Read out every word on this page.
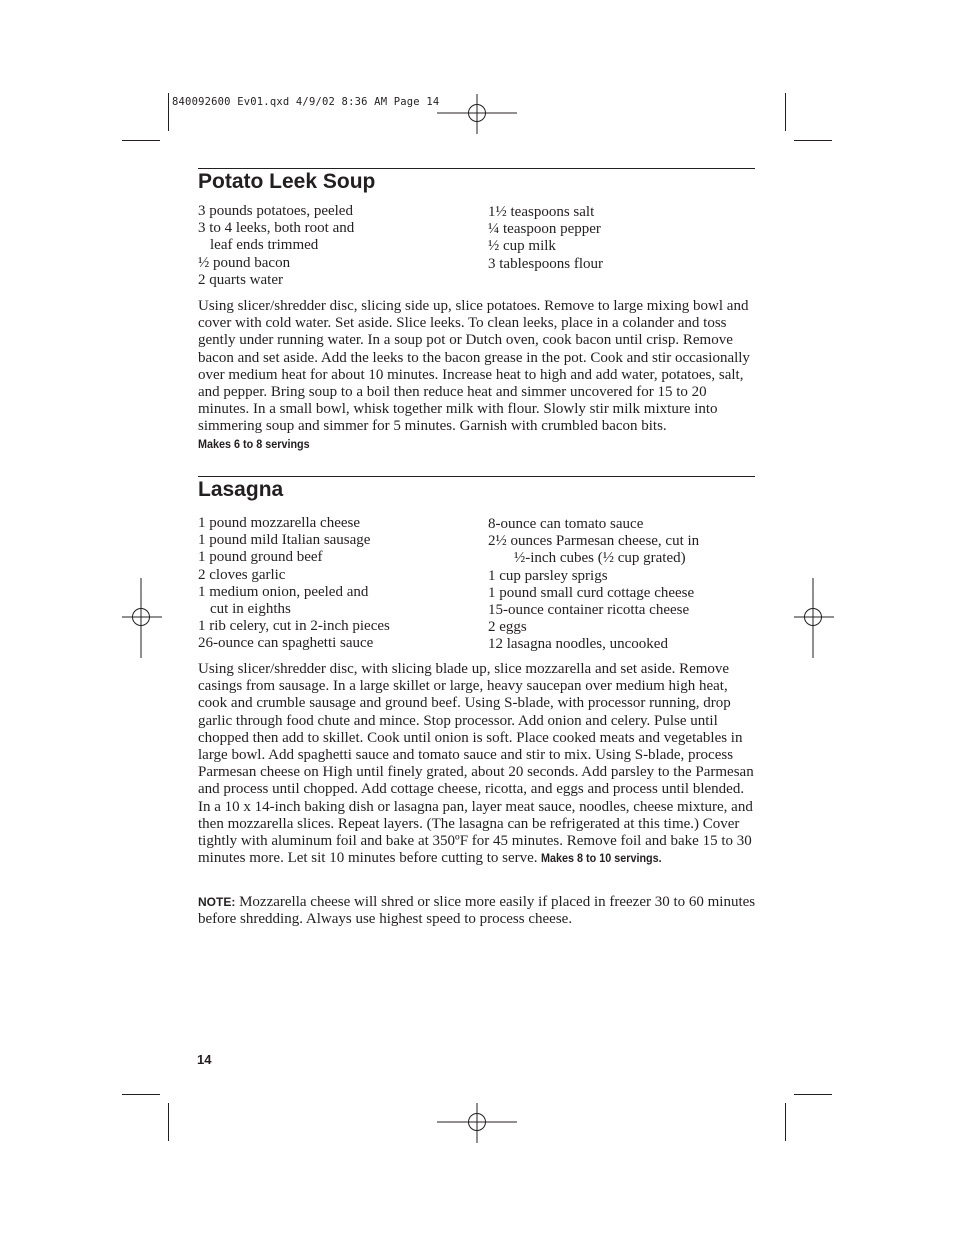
840092600 Ev01.qxd 4/9/02 8:36 AM Page 14
Potato Leek Soup
3 pounds potatoes, peeled
3 to 4 leeks, both root and
leaf ends trimmed
½ pound bacon
2 quarts water
1½ teaspoons salt
¼ teaspoon pepper
½ cup milk
3 tablespoons flour

Using slicer/shredder disc, slicing side up, slice potatoes. Remove to large mixing bowl and cover with cold water. Set aside. Slice leeks. To clean leeks, place in a colander and toss gently under running water. In a soup pot or Dutch oven, cook bacon until crisp. Remove bacon and set aside. Add the leeks to the bacon grease in the pot. Cook and stir occasionally over medium heat for about 10 minutes. Increase heat to high and add water, potatoes, salt, and pepper. Bring soup to a boil then reduce heat and simmer uncovered for 15 to 20 minutes. In a small bowl, whisk together milk with flour. Slowly stir milk mixture into simmering soup and simmer for 5 minutes. Garnish with crumbled bacon bits. Makes 6 to 8 servings

Lasagna
1 pound mozzarella cheese
1 pound mild Italian sausage
1 pound ground beef
2 cloves garlic
1 medium onion, peeled and
cut in eighths
1 rib celery, cut in 2-inch pieces
26-ounce can spaghetti sauce
8-ounce can tomato sauce
2½ ounces Parmesan cheese, cut in
½-inch cubes (½ cup grated)
1 cup parsley sprigs
1 pound small curd cottage cheese
15-ounce container ricotta cheese
2 eggs
12 lasagna noodles, uncooked

Using slicer/shredder disc, with slicing blade up, slice mozzarella and set aside. Remove casings from sausage. In a large skillet or large, heavy saucepan over medium high heat, cook and crumble sausage and ground beef. Using S-blade, with processor running, drop garlic through food chute and mince. Stop processor. Add onion and celery. Pulse until chopped then add to skillet. Cook until onion is soft. Place cooked meats and vegetables in large bowl. Add spaghetti sauce and tomato sauce and stir to mix. Using S-blade, process Parmesan cheese on High until finely grated, about 20 seconds. Add parsley to the Parmesan and process until chopped. Add cottage cheese, ricotta, and eggs and process until blended. In a 10 x 14-inch baking dish or lasagna pan, layer meat sauce, noodles, cheese mixture, and then mozzarella slices. Repeat layers. (The lasagna can be refrigerated at this time.) Cover tightly with aluminum foil and bake at 350ºF for 45 minutes. Remove foil and bake 15 to 30 minutes more. Let sit 10 minutes before cutting to serve. Makes 8 to 10 servings.

NOTE: Mozzarella cheese will shred or slice more easily if placed in freezer 30 to 60 minutes before shredding. Always use highest speed to process cheese.

14
